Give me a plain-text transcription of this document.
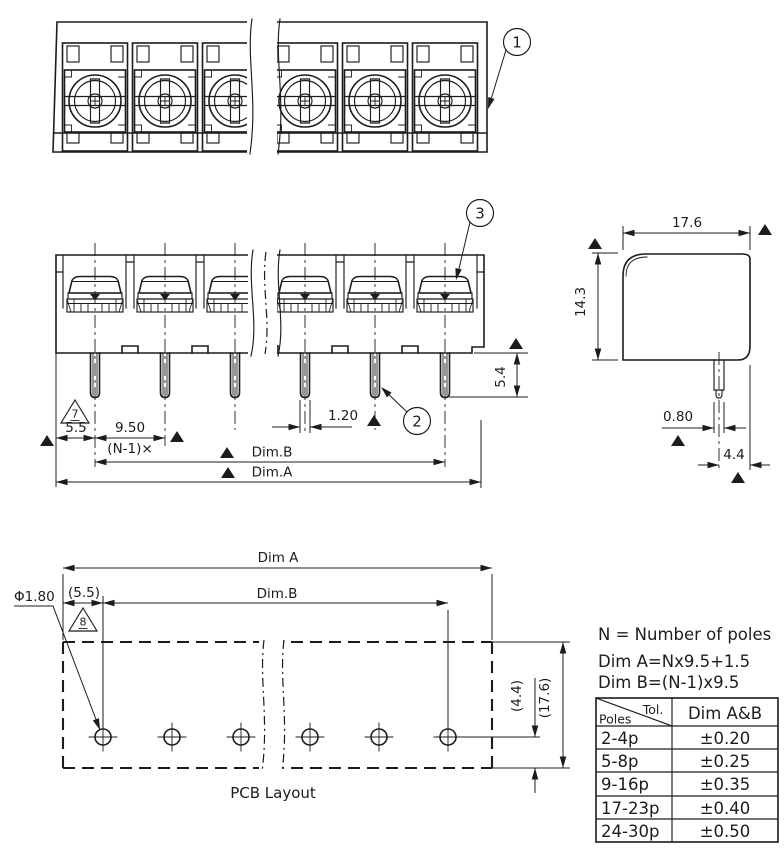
1
3
2
5.5 9.50
(N-1)×
7	1.20
Dim.B
Dim.A
5.4
17.6
14.3
0.80
4.4
Dim A
(5.5)	Dim.B
8
Φ1.80
(4.4) (17.6)
PCB Layout
N = Number of poles
Dim A=Nx9.5+1.5
Dim B=(N-1)x9.5
Tol.
Poles	Dim A&B
2-4p	±0.20
5-8p	±0.25
9-16p	±0.35
17-23p ±0.40
24-30p ±0.50
